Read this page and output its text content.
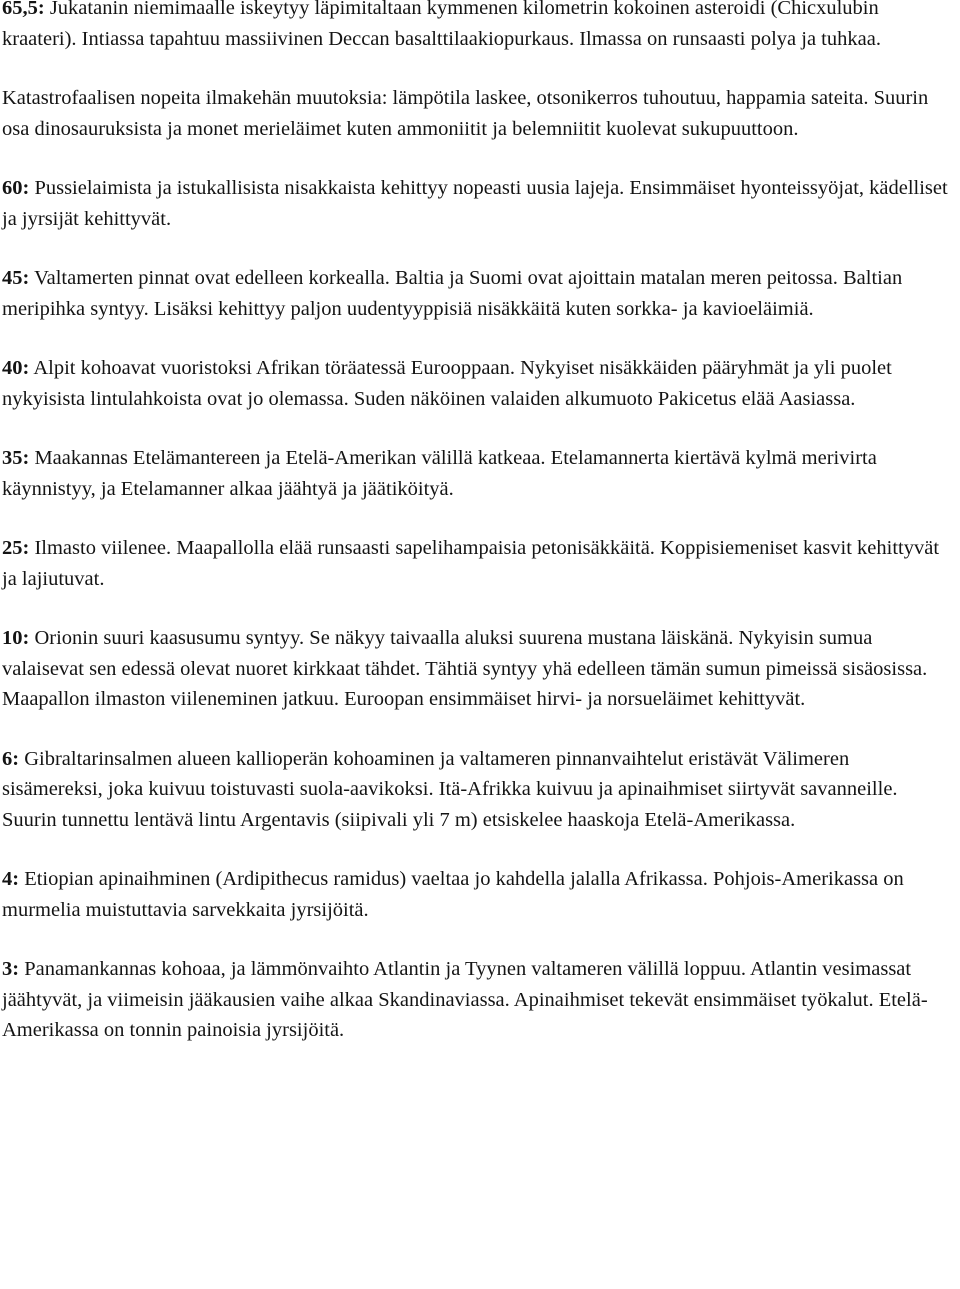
65,5: Jukatanin niemimaalle iskeytyy läpimitaltaan kymmenen kilometrin kokoinen asteroidi (Chicxulubin kraateri). Intiassa tapahtuu massiivinen Deccan basalttilaakiopurkaus. Ilmassa on runsaasti polya ja tuhkaa.

Katastrofaalisen nopeita ilmakehän muutoksia: lämpötila laskee, otsonikerros tuhoutuu, happamia sateita. Suurin osa dinosauruksista ja monet merieläimet kuten ammoniitit ja belemniitit kuolevat sukupuuttoon.

60: Pussielaimista ja istukallisista nisakkaista kehittyy nopeasti uusia lajeja. Ensimmäiset hyonteissyöjat, kädelliset ja jyrsijät kehittyvät.

45: Valtamerten pinnat ovat edelleen korkealla. Baltia ja Suomi ovat ajoittain matalan meren peitossa. Baltian meripihka syntyy. Lisäksi kehittyy paljon uudentyyppisiä nisäkkäitä kuten sorkka- ja kavioeläimiä.

40: Alpit kohoavat vuoristoksi Afrikan töräatessä Eurooppaan. Nykyiset nisäkkäiden pääryhmät ja yli puolet nykyisista lintulahkoista ovat jo olemassa. Suden näköinen valaiden alkumuoto Pakicetus elää Aasiassa.

35: Maakannas Etelämantereen ja Etelä-Amerikan välillä katkeaa. Etelamannerta kiertävä kylmä merivirta käynnistyy, ja Etelamanner alkaa jäähtyä ja jäätiköityä.

25: Ilmasto viilenee. Maapallolla elää runsaasti sapelihampaisia petonisäkkäitä. Koppisiemeniset kasvit kehittyvät ja lajiutuvat.

10: Orionin suuri kaasusumu syntyy. Se näkyy taivaalla aluksi suurena mustana läiskänä. Nykyisin sumua valaisevat sen edessä olevat nuoret kirkkaat tähdet. Tähtiä syntyy yhä edelleen tämän sumun pimeissä sisäosissa. Maapallon ilmaston viileneminen jatkuu. Euroopan ensimmäiset hirvi- ja norsueläimet kehittyvät.

6: Gibraltarinsalmen alueen kallioperän kohoaminen ja valtameren pinnanvaihtelut eristävät Välimeren sisämereksi, joka kuivuu toistuvasti suola-aavikoksi. Itä-Afrikka kuivuu ja apinaihmiset siirtyvät savanneille. Suurin tunnettu lentävä lintu Argentavis (siipivali yli 7 m) etsiskelee haaskoja Etelä-Amerikassa.

4: Etiopian apinaihminen (Ardipithecus ramidus) vaeltaa jo kahdella jalalla Afrikassa. Pohjois-Amerikassa on murmelia muistuttavia sarvekkaita jyrsijöitä.

3: Panamankannas kohoaa, ja lämmönvaihto Atlantin ja Tyynen valtameren välillä loppuu. Atlantin vesimassat jäähtyvät, ja viimeisin jääkausien vaihe alkaa Skandinaviassa. Apinaihmiset tekevät ensimmäiset työkalut. Etelä-Amerikassa on tonnin painoisia jyrsijöitä.
